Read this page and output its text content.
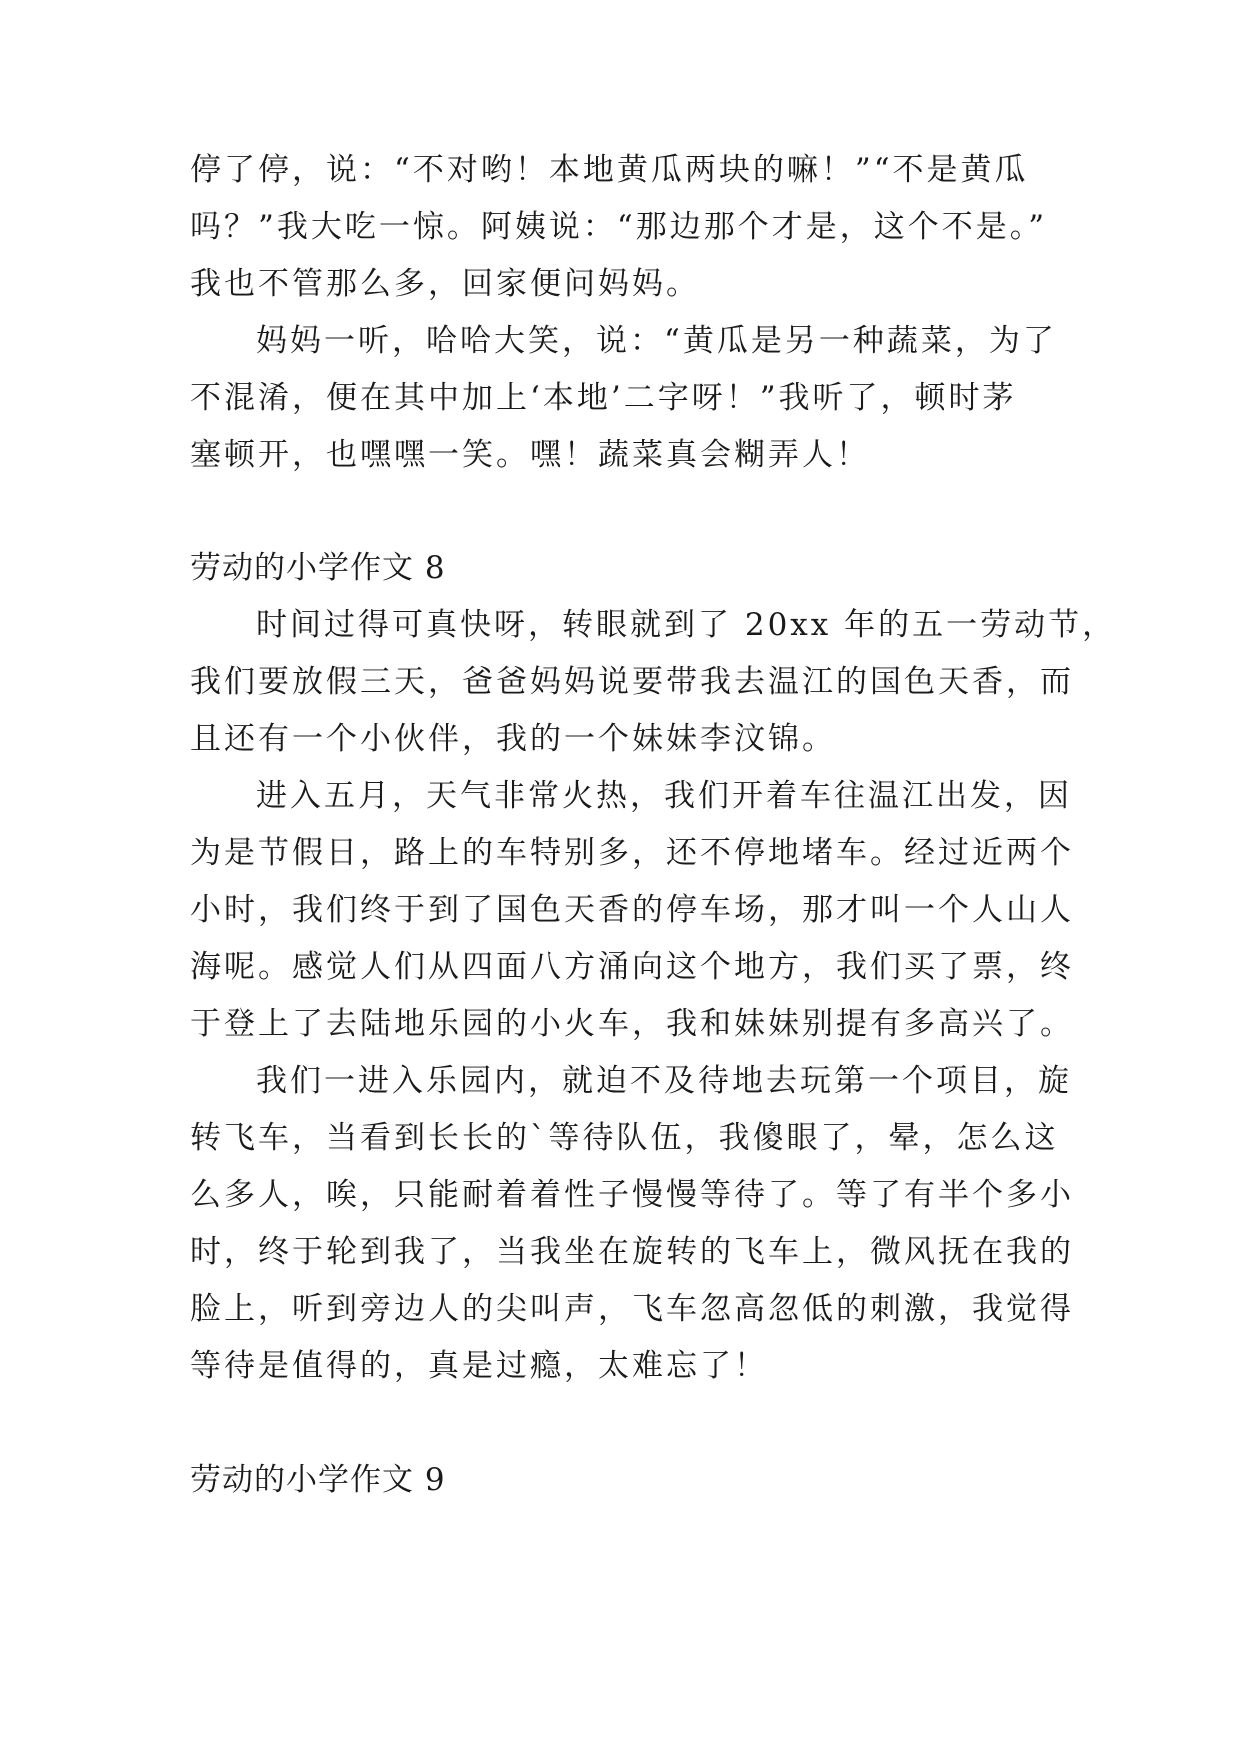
停了停，说：“不对哟！本地黄瓜两块的嘛！”“不是黄瓜
吗？”我大吃一惊。阿姨说：“那边那个才是，这个不是。”
我也不管那么多，回家便问妈妈。
妈妈一听，哈哈大笑，说：“黄瓜是另一种蔬菜，为了
不混淆，便在其中加上‘本地’二字呀！”我听了，顿时茅
塞顿开，也嘿嘿一笑。嘿！蔬菜真会糊弄人！
劳动的小学作文 8
时间过得可真快呀，转眼就到了 20xx 年的五一劳动节，
我们要放假三天，爸爸妈妈说要带我去温江的国色天香，而
且还有一个小伙伴，我的一个妹妹李汶锦。
进入五月，天气非常火热，我们开着车往温江出发，因
为是节假日，路上的车特别多，还不停地堵车。经过近两个
小时，我们终于到了国色天香的停车场，那才叫一个人山人
海呢。感觉人们从四面八方涌向这个地方，我们买了票，终
于登上了去陆地乐园的小火车，我和妹妹别提有多高兴了。
我们一进入乐园内，就迫不及待地去玩第一个项目，旋
转飞车，当看到长长的`等待队伍，我傻眼了，晕，怎么这
么多人，唉，只能耐着着性子慢慢等待了。等了有半个多小
时，终于轮到我了，当我坐在旋转的飞车上，微风抚在我的
脸上，听到旁边人的尖叫声，飞车忽高忽低的刺激，我觉得
等待是值得的，真是过瘾，太难忘了！
劳动的小学作文 9
